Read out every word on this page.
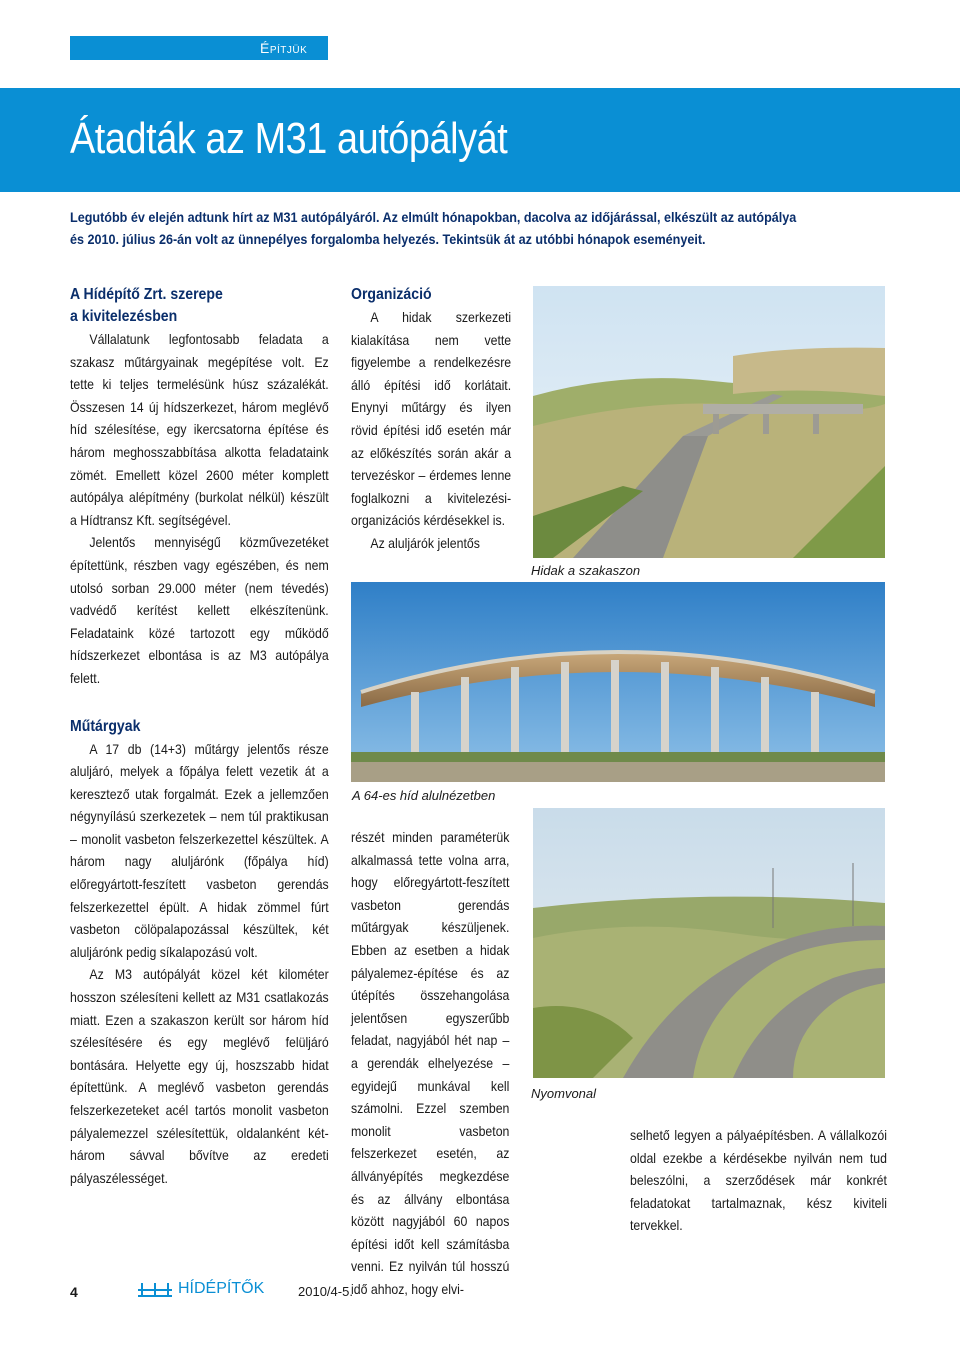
Építjük
Átadták az M31 autópályát
Legutóbb év elején adtunk hírt az M31 autópályáról. Az elmúlt hónapokban, dacolva az időjárással, elkészült az autópálya és 2010. július 26-án volt az ünnepélyes forgalomba helyezés. Tekintsük át az utóbbi hónapok eseményeit.
A Hídépítő Zrt. szerepe
a kivitelezésben

Vállalatunk legfontosabb feladata a szakasz műtárgyainak megépítése volt. Ez tette ki teljes termelésünk húsz százalékát. Összesen 14 új hídszerkezet, három meglévő híd szélesítése, egy ikercsatorna építése és három meghosszabbítása alkotta feladataink zömét. Emellett közel 2600 méter komplett autópálya alépítmény (burkolat nélkül) készült a Hídtransz Kft. segítségével.

Jelentős mennyiségű közművezetéket építettünk, részben vagy egészében, és nem utolsó sorban 29.000 méter (nem tévedés) vadvédő kerítést kellett elkészítenünk. Feladataink közé tartozott egy működő hídszerkezet elbontása is az M3 autópálya felett.

Műtárgyak

A 17 db (14+3) műtárgy jelentős része aluljáró, melyek a főpálya felett vezetik át a keresztező utak forgalmát. Ezek a jellemzően négynyílású szerkezetek – nem túl praktikusan – monolit vasbeton felszerkezettel készültek. A három nagy aluljárónk (főpálya híd) előregyártott-feszített vasbeton gerendás felszerkezettel épült. A hidak zömmel fúrt vasbeton cölöpalapozással készültek, két aluljárónk pedig síkalapozású volt.

Az M3 autópályát közel két kilométer hosszon szélesíteni kellett az M31 csatlakozás miatt. Ezen a szakaszon került sor három híd szélesítésére és egy meglévő felüljáró bontására. Helyette egy új, hoszszabb hidat építettünk. A meglévő vasbeton gerendás felszerkezeteket acél tartós monolit vasbeton pályalemezzel szélesítettük, oldalanként két-három sávval bővítve az eredeti pályaszélességet.

Organizáció

A hidak szerkezeti kialakítása nem vette figyelembe a rendelkezésre álló építési idő korlátait. Enynyi műtárgy és ilyen rövid építési idő esetén már az előkészítés során akár a tervezéskor – érdemes lenne foglalkozni a kivitelezési-organizációs kérdésekkel is.

Az aluljárók jelentős

Hidak a szakaszon
A 64-es híd alulnézetben

részét minden paraméterük alkalmassá tette volna arra, hogy előregyártott-feszített vasbeton gerendás műtárgyak készüljenek. Ebben az esetben a hidak pályalemez-építése és az útépítés összehangolása jelentősen egyszerűbb feladat, nagyjából hét nap – a gerendák elhelyezése – egyidejű munkával kell számolni. Ezzel szemben monolit vasbeton felszerkezet esetén, az állványépítés megkezdése és az állvány elbontása között nagyjából 60 napos építési időt kell számításba venni. Ez nyilván túl hosszú idő ahhoz, hogy elvi-

Nyomvonal

selhető legyen a pályaépítésben. A vállalkozói oldal ezekbe a kérdésekbe nyilván nem tud beleszólni, a szerződések már konkrét feladatokat tartalmaznak, kész kiviteli tervekkel.

4	HÍDÉPÍTŐK	2010/4-5.
